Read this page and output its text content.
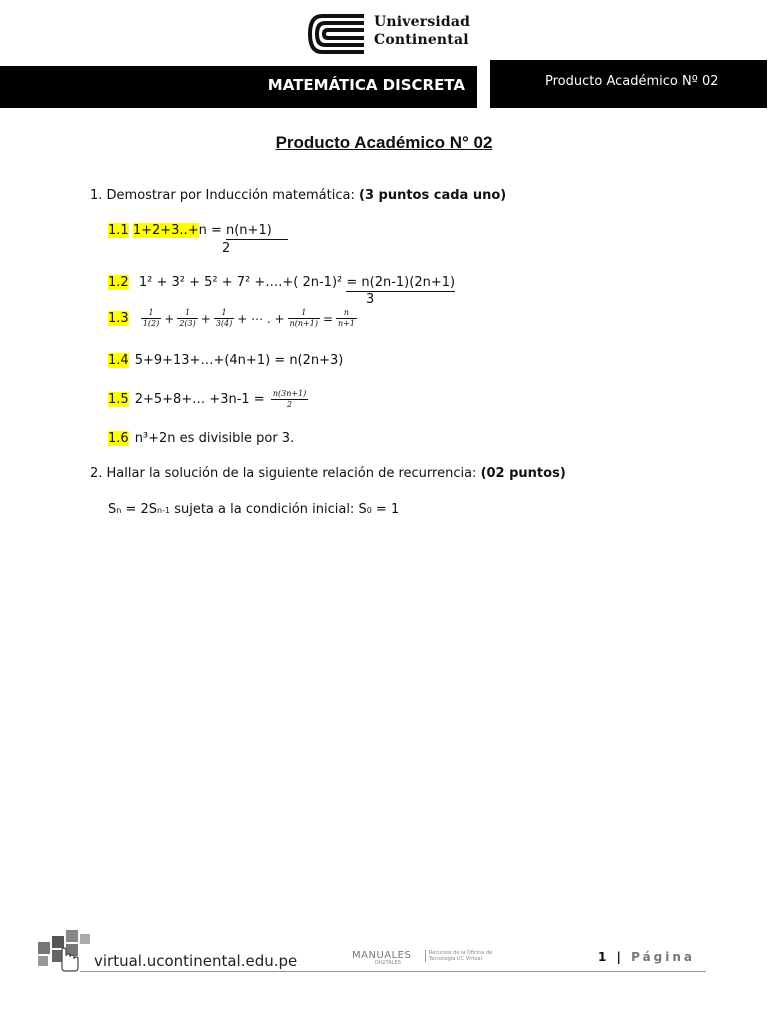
Universidad
Continental
MATEMÁTICA DISCRETA	Producto Académico Nº 02
Producto Académico N° 02
1. Demostrar por Inducción matemática: (3 puntos cada uno)
1.1 1+2+3..+n = n(n+1)
2
1.2 1² + 3² + 5² + 7² +….+( 2n-1)² = n(2n-1)(2n+1)
3
$1.3 \frac{1}{1(2)} + \frac{1}{2(3)} + \frac{1}{3(4)}$ + ⋯ . + $\frac{1}{n(n+1)} = \frac{n}{n+1}$
1.4 5+9+13+…+(4n+1) = n(2n+3)
1.5 2+5+8+… $+3n-1 = \frac{n(3n+1)}{2}$
1.6 n³+2n es divisible por 3.
2. Hallar la solución de la siguiente relación de recurrencia: (02 puntos)
Sn = 2Sn-1 sujeta a la condición inicial: S0 = 1
virtual.ucontinental.edu.pe	MANUALES
DIGITALES
Recursos de la Oficina de Tecnología UC Virtual	1 | Página
